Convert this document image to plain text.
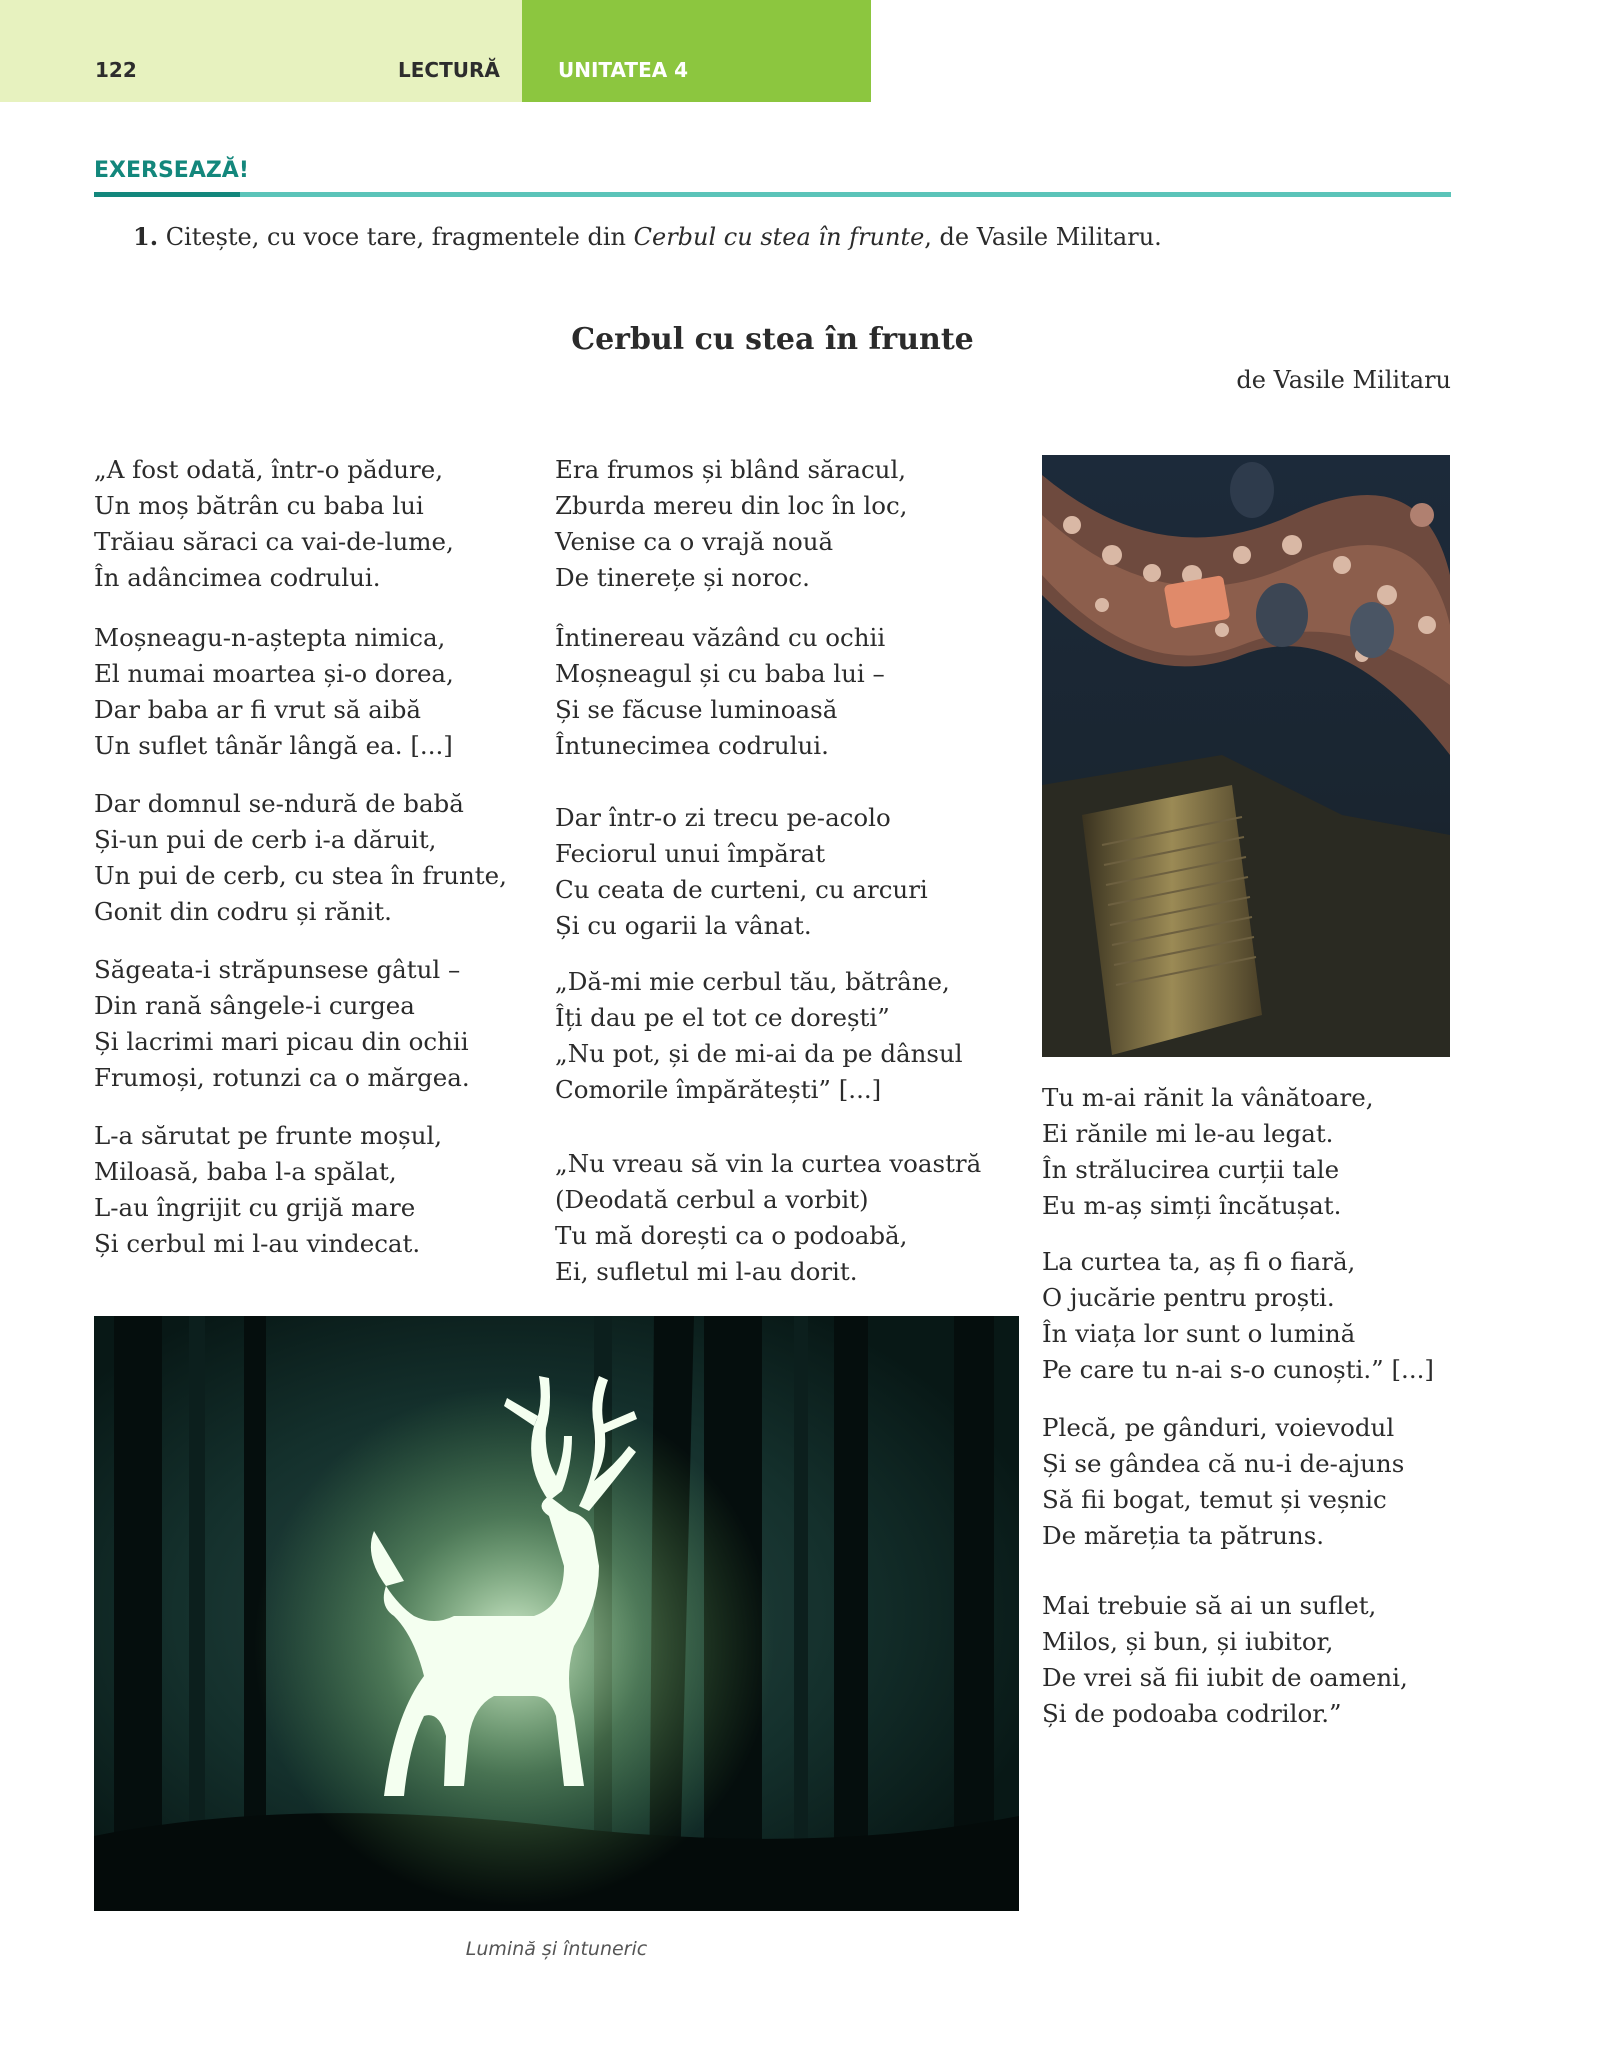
122	LECTURĂ	UNITATEA 4
EXERSEAZĂ!
1. Citește, cu voce tare, fragmentele din Cerbul cu stea în frunte, de Vasile Militaru.
Cerbul cu stea în frunte
de Vasile Militaru
„A fost odată, într-o pădure,
Un moș bătrân cu baba lui
Trăiau săraci ca vai-de-lume,
În adâncimea codrului.
Moșneagu-n-aștepta nimica,
El numai moartea și-o dorea,
Dar baba ar fi vrut să aibă
Un suflet tânăr lângă ea. [...]
Dar domnul se-ndură de babă
Și-un pui de cerb i-a dăruit,
Un pui de cerb, cu stea în frunte,
Gonit din codru și rănit.
Săgeata-i străpunsese gâtul –
Din rană sângele-i curgea
Și lacrimi mari picau din ochii
Frumoși, rotunzi ca o mărgea.
L-a sărutat pe frunte moșul,
Miloasă, baba l-a spălat,
L-au îngrijit cu grijă mare
Și cerbul mi l-au vindecat.
Era frumos și blând săracul,
Zburda mereu din loc în loc,
Venise ca o vrajă nouă
De tinerețe și noroc.
Întinereau văzând cu ochii
Moșneagul și cu baba lui –
Și se făcuse luminoasă
Întunecimea codrului.
Dar într-o zi trecu pe-acolo
Feciorul unui împărat
Cu ceata de curteni, cu arcuri
Și cu ogarii la vânat.
„Dă-mi mie cerbul tău, bătrâne,
Îți dau pe el tot ce dorești”
„Nu pot, și de mi-ai da pe dânsul
Comorile împărătești” [...]
„Nu vreau să vin la curtea voastră
(Deodată cerbul a vorbit)
Tu mă dorești ca o podoabă,
Ei, sufletul mi l-au dorit.
Tu m-ai rănit la vânătoare,
Ei rănile mi le-au legat.
În strălucirea curții tale
Eu m-aș simți încătușat.
La curtea ta, aș fi o fiară,
O jucărie pentru proști.
În viața lor sunt o lumină
Pe care tu n-ai s-o cunoști.” [...]
Plecă, pe gânduri, voievodul
Și se gândea că nu-i de-ajuns
Să fii bogat, temut și veșnic
De mărețiа ta pătruns.
Mai trebuie să ai un suflet,
Milos, și bun, și iubitor,
De vrei să fii iubit de oameni,
Și de podoaba codrilor.”
Lumină și întuneric
